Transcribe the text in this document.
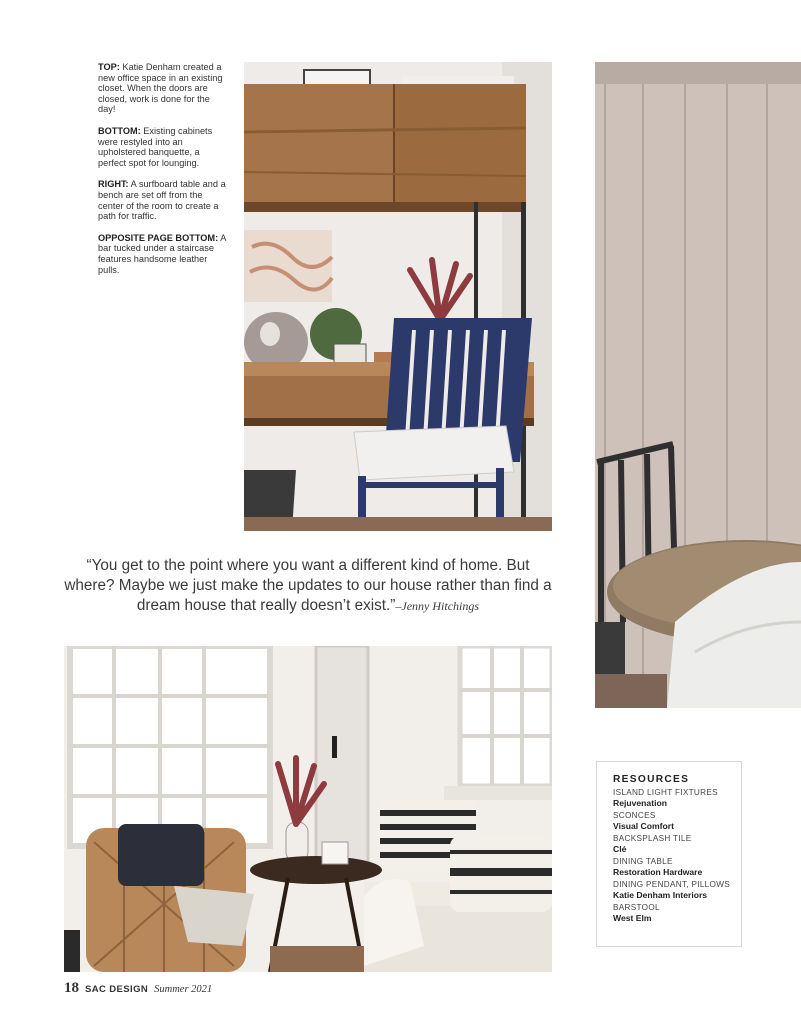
TOP: Katie Denham created a new office space in an existing closet. When the doors are closed, work is done for the day!

BOTTOM: Existing cabinets were restyled into an upholstered banquette, a perfect spot for lounging.

RIGHT: A surfboard table and a bench are set off from the center of the room to create a path for traffic.

OPPOSITE PAGE BOTTOM: A bar tucked under a staircase features handsome leather pulls.

“You get to the point where you want a different kind of home. But where? Maybe we just make the updates to our house rather than find a dream house that really doesn’t exist.”–Jenny Hitchings
RESOURCES
ISLAND LIGHT FIXTURES
Rejuvenation
SCONCES
Visual Comfort
BACKSPLASH TILE
Clé
DINING TABLE
Restoration Hardware
DINING PENDANT, PILLOWS
Katie Denham Interiors
BARSTOOL
West Elm
18 SAC DESIGN Summer 2021
